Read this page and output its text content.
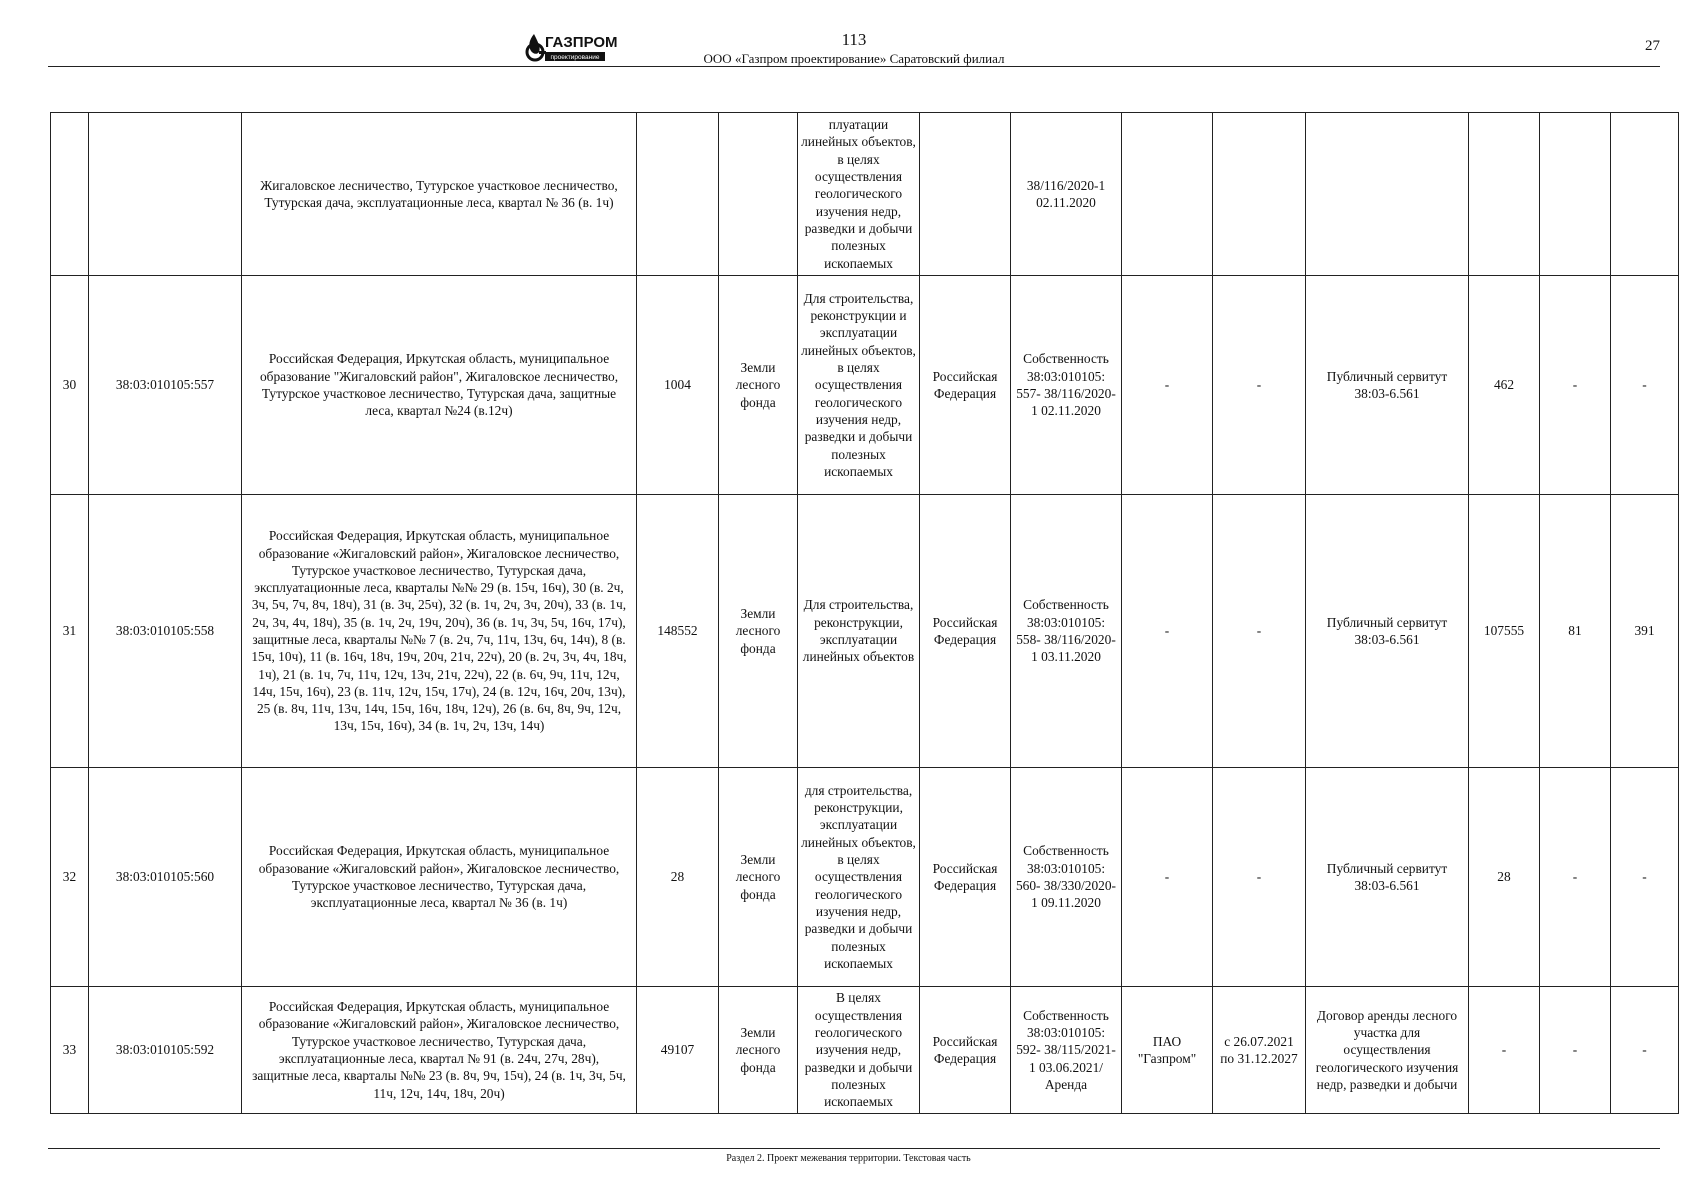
ГАЗПРОМ
проектирование
113
ООО «Газпром проектирование» Саратовский филиал
27
		Жигаловское лесничество, Тутурское участковое лесничество, Тутурская дача, эксплуатационные леса, квартал № 36 (в. 1ч)			плуатации линейных объектов, в целях осуществления геологического изучения недр, разведки и добычи полезных ископаемых		38/116/2020-1 02.11.2020						
30	38:03:010105:557	Российская Федерация, Иркутская область, муниципальное образование "Жигаловский район", Жигаловское лесничество, Тутурское участковое лесничество, Тутурская дача, защитные леса, квартал №24 (в.12ч)	1004	Земли лесного фонда	Для строительства, реконструкции и эксплуатации линейных объектов, в целях осуществления геологического изучения недр, разведки и добычи полезных ископаемых	Российская Федерация	Собственность 38:03:010105: 557- 38/116/2020-1 02.11.2020	-	-	Публичный сервитут 38:03-6.561	462	-	-
31	38:03:010105:558	Российская Федерация, Иркутская область, муниципальное образование «Жигаловский район», Жигаловское лесничество, Тутурское участковое лесничество, Тутурская дача, эксплуатационные леса, кварталы №№ 29 (в. 15ч, 16ч), 30 (в. 2ч, 3ч, 5ч, 7ч, 8ч, 18ч), 31 (в. 3ч, 25ч), 32 (в. 1ч, 2ч, 3ч, 20ч), 33 (в. 1ч, 2ч, 3ч, 4ч, 18ч), 35 (в. 1ч, 2ч, 19ч, 20ч), 36 (в. 1ч, 3ч, 5ч, 16ч, 17ч), защитные леса, кварталы №№ 7 (в. 2ч, 7ч, 11ч, 13ч, 6ч, 14ч), 8 (в. 15ч, 10ч), 11 (в. 16ч, 18ч, 19ч, 20ч, 21ч, 22ч), 20 (в. 2ч, 3ч, 4ч, 18ч, 1ч), 21 (в. 1ч, 7ч, 11ч, 12ч, 13ч, 21ч, 22ч), 22 (в. 6ч, 9ч, 11ч, 12ч, 14ч, 15ч, 16ч), 23 (в. 11ч, 12ч, 15ч, 17ч), 24 (в. 12ч, 16ч, 20ч, 13ч), 25 (в. 8ч, 11ч, 13ч, 14ч, 15ч, 16ч, 18ч, 12ч), 26 (в. 6ч, 8ч, 9ч, 12ч, 13ч, 15ч, 16ч), 34 (в. 1ч, 2ч, 13ч, 14ч)	148552	Земли лесного фонда	Для строительства, реконструкции, эксплуатации линейных объектов	Российская Федерация	Собственность 38:03:010105: 558- 38/116/2020-1 03.11.2020	-	-	Публичный сервитут 38:03-6.561	107555	81	391
32	38:03:010105:560	Российская Федерация, Иркутская область, муниципальное образование «Жигаловский район», Жигаловское лесничество, Тутурское участковое лесничество, Тутурская дача, эксплуатационные леса, квартал № 36 (в. 1ч)	28	Земли лесного фонда	для строительства, реконструкции, эксплуатации линейных объектов, в целях осуществления геологического изучения недр, разведки и добычи полезных ископаемых	Российская Федерация	Собственность 38:03:010105: 560- 38/330/2020-1 09.11.2020	-	-	Публичный сервитут 38:03-6.561	28	-	-
33	38:03:010105:592	Российская Федерация, Иркутская область, муниципальное образование «Жигаловский район», Жигаловское лесничество, Тутурское участковое лесничество, Тутурская дача, эксплуатационные леса, квартал № 91 (в. 24ч, 27ч, 28ч), защитные леса, кварталы №№ 23 (в. 8ч, 9ч, 15ч), 24 (в. 1ч, 3ч, 5ч, 11ч, 12ч, 14ч, 18ч, 20ч)	49107	Земли лесного фонда	В целях осуществления геологического изучения недр, разведки и добычи полезных ископаемых	Российская Федерация	Собственность 38:03:010105: 592- 38/115/2021-1 03.06.2021/Аренда	ПАО "Газпром"	с 26.07.2021 по 31.12.2027	Договор аренды лесного участка для осуществления геологического изучения недр, разведки и добычи	-	-	-
Раздел 2. Проект межевания территории. Текстовая часть
